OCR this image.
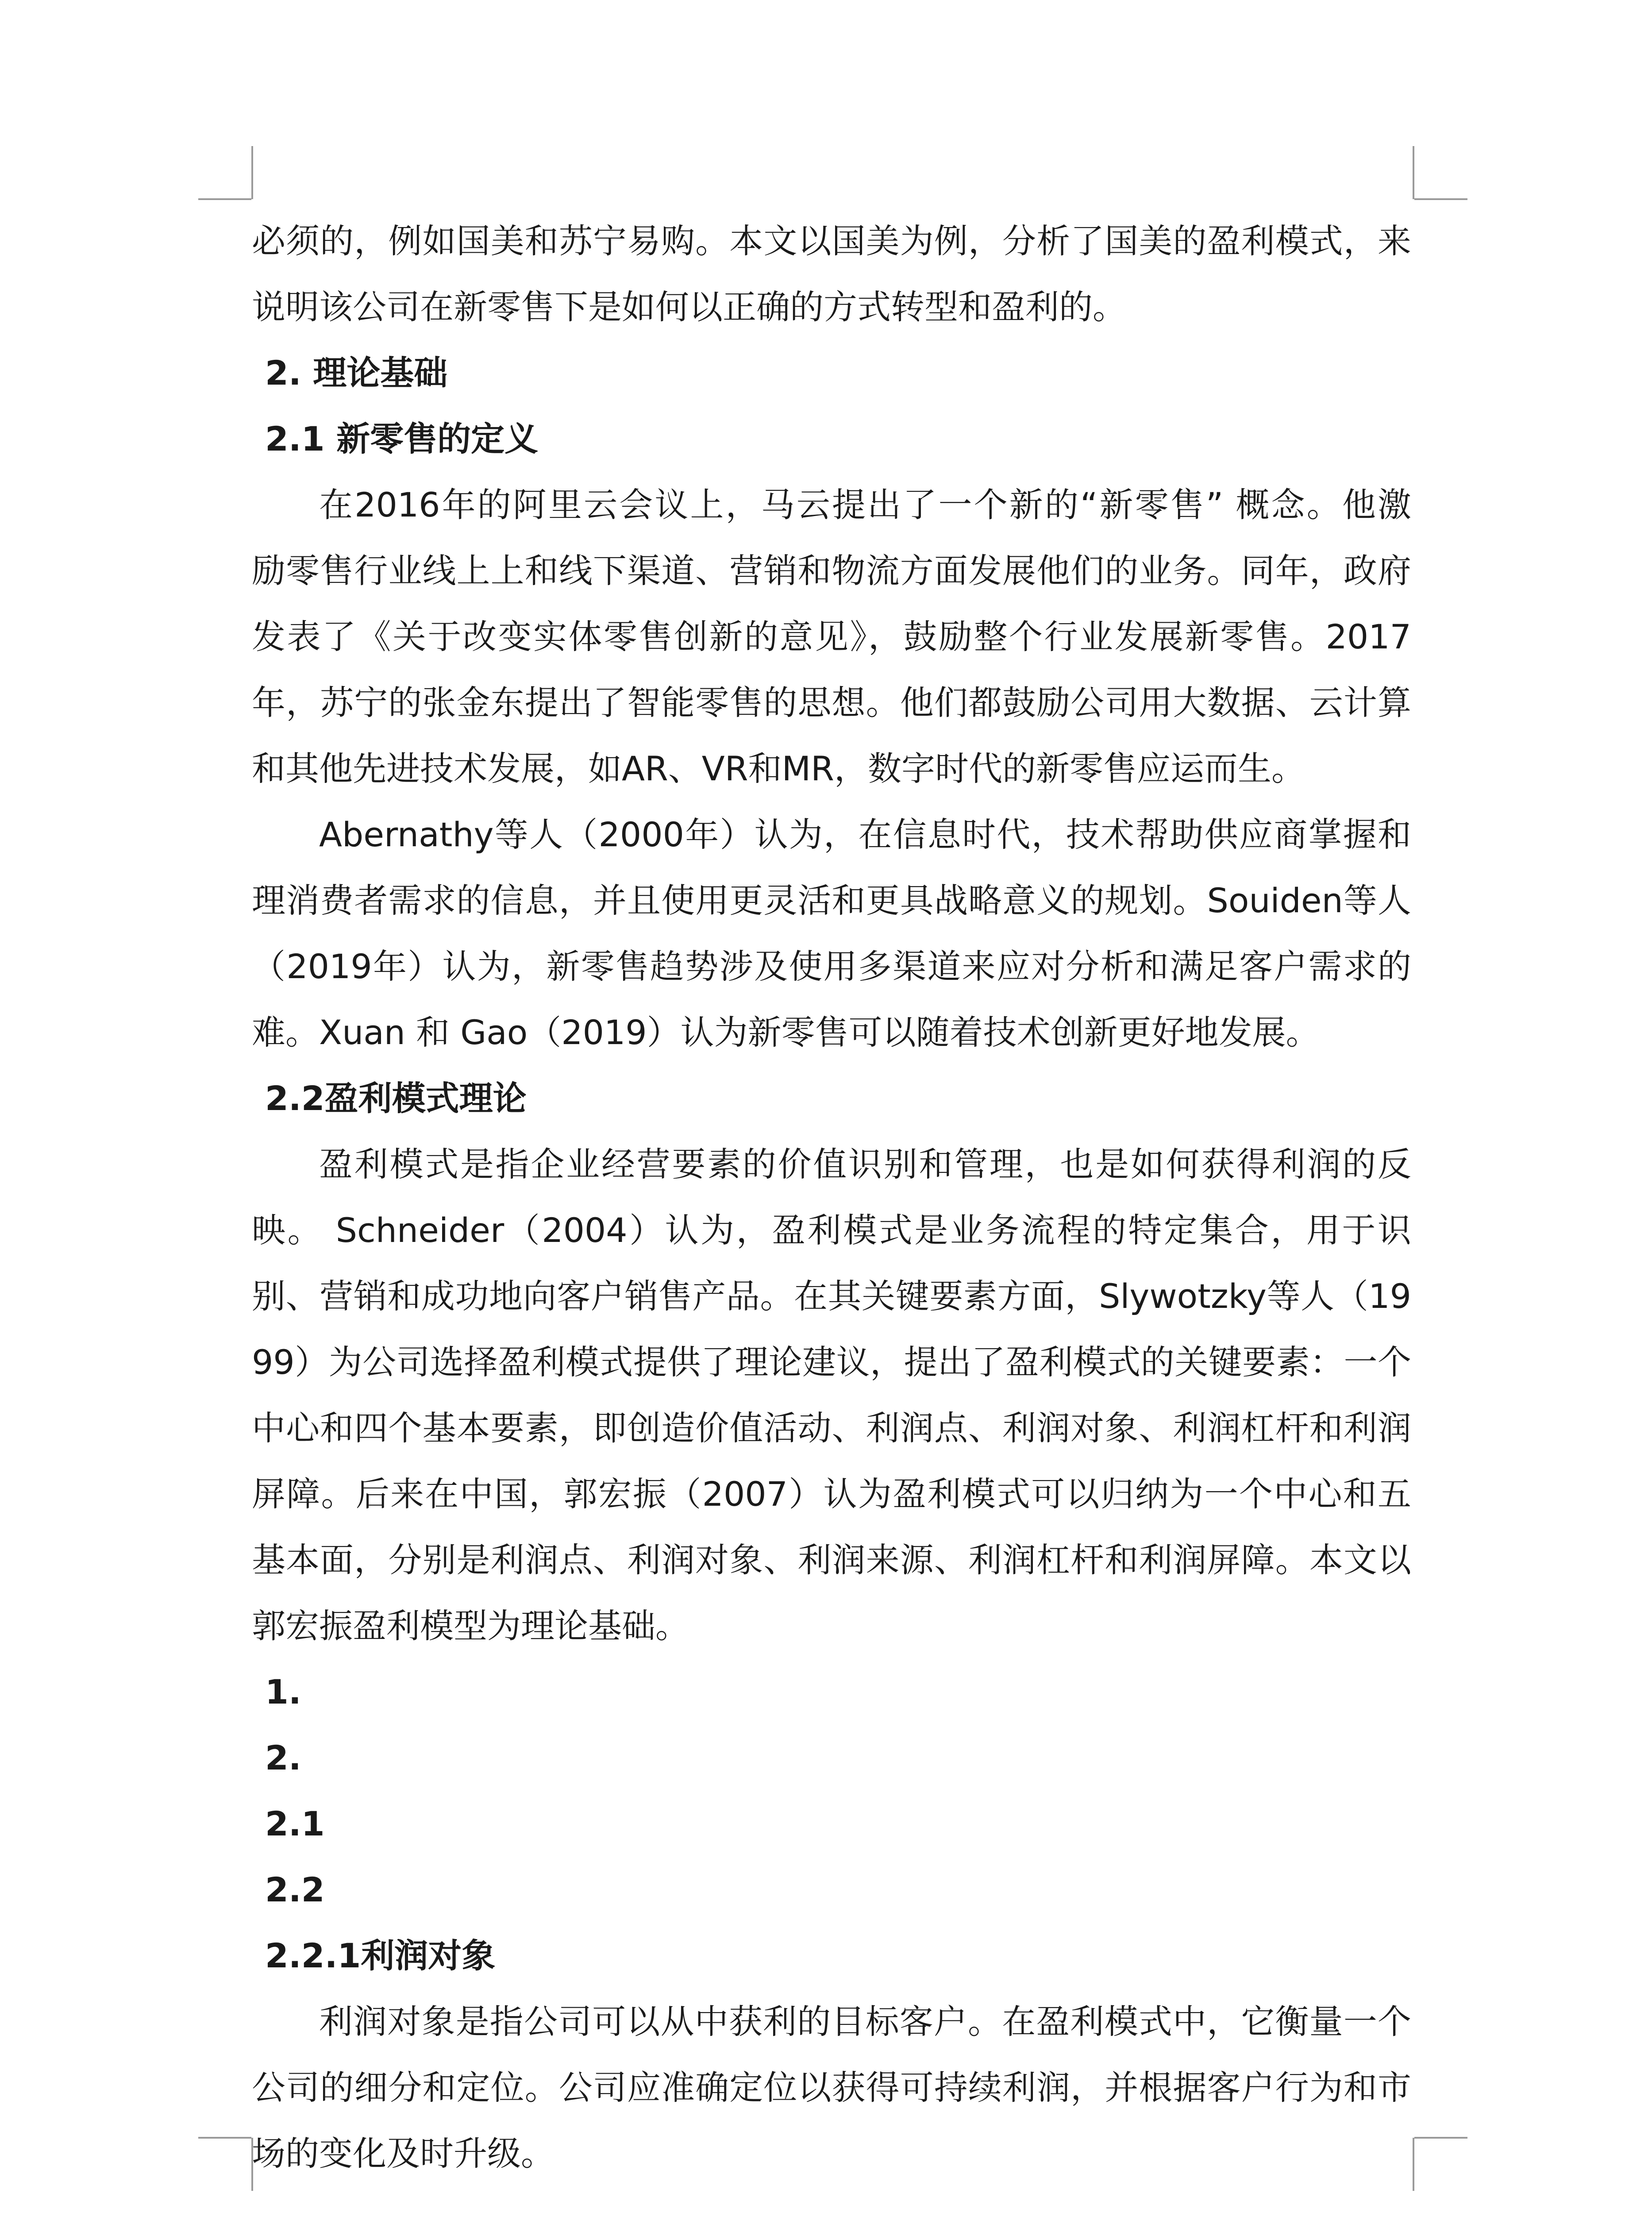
必须的，例如国美和苏宁易购。本文以国美为例，分析了国美的盈利模式，来
说明该公司在新零售下是如何以正确的方式转型和盈利的。
2. 理论基础
2.1 新零售的定义
在2016年的阿里云会议上，马云提出了一个新的“新零售” 概念。他激
励零售行业线上上和线下渠道、营销和物流方面发展他们的业务。同年，政府
发表了《关于改变实体零售创新的意见》，鼓励整个行业发展新零售。2017
年，苏宁的张金东提出了智能零售的思想。他们都鼓励公司用大数据、云计算
和其他先进技术发展，如AR、VR和MR，数字时代的新零售应运而生。
Abernathy等人（2000年）认为，在信息时代，技术帮助供应商掌握和
理消费者需求的信息，并且使用更灵活和更具战略意义的规划。Souiden等人
（2019年）认为，新零售趋势涉及使用多渠道来应对分析和满足客户需求的
难。Xuan 和 Gao（2019）认为新零售可以随着技术创新更好地发展。
2.2盈利模式理论
盈利模式是指企业经营要素的价值识别和管理，也是如何获得利润的反
映。 Schneider（2004）认为，盈利模式是业务流程的特定集合，用于识
别、营销和成功地向客户销售产品。在其关键要素方面，Slywotzky等人（19
99）为公司选择盈利模式提供了理论建议，提出了盈利模式的关键要素：一个
中心和四个基本要素，即创造价值活动、利润点、利润对象、利润杠杆和利润
屏障。后来在中国，郭宏振（2007）认为盈利模式可以归纳为一个中心和五
基本面，分别是利润点、利润对象、利润来源、利润杠杆和利润屏障。本文以
郭宏振盈利模型为理论基础。
1.
2.
2.1
2.2
2.2.1利润对象
利润对象是指公司可以从中获利的目标客户。在盈利模式中，它衡量一个
公司的细分和定位。公司应准确定位以获得可持续利润，并根据客户行为和市
场的变化及时升级。
